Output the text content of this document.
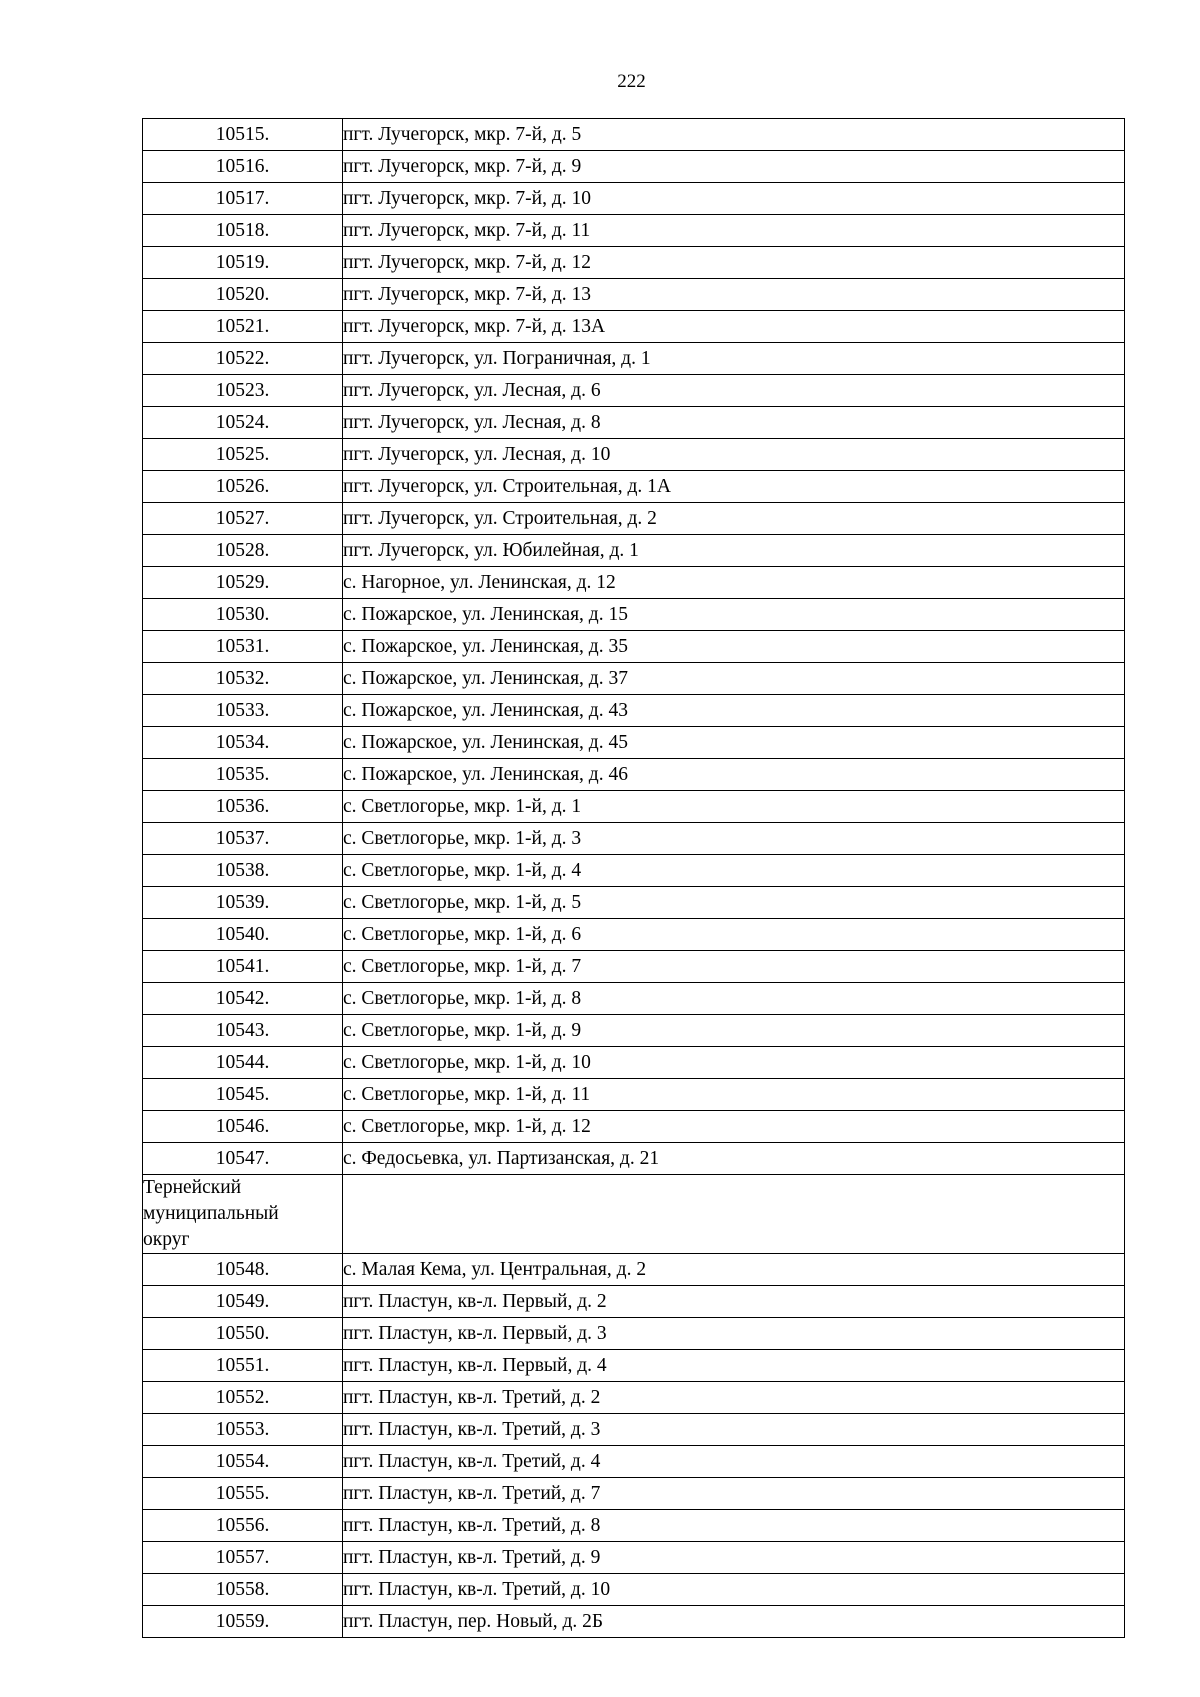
222
10515.	пгт. Лучегорск, мкр. 7-й, д. 5
10516.	пгт. Лучегорск, мкр. 7-й, д. 9
10517.	пгт. Лучегорск, мкр. 7-й, д. 10
10518.	пгт. Лучегорск, мкр. 7-й, д. 11
10519.	пгт. Лучегорск, мкр. 7-й, д. 12
10520.	пгт. Лучегорск, мкр. 7-й, д. 13
10521.	пгт. Лучегорск, мкр. 7-й, д. 13А
10522.	пгт. Лучегорск, ул. Пограничная, д. 1
10523.	пгт. Лучегорск, ул. Лесная, д. 6
10524.	пгт. Лучегорск, ул. Лесная, д. 8
10525.	пгт. Лучегорск, ул. Лесная, д. 10
10526.	пгт. Лучегорск, ул. Строительная, д. 1А
10527.	пгт. Лучегорск, ул. Строительная, д. 2
10528.	пгт. Лучегорск, ул. Юбилейная, д. 1
10529.	с. Нагорное, ул. Ленинская, д. 12
10530.	с. Пожарское, ул. Ленинская, д. 15
10531.	с. Пожарское, ул. Ленинская, д. 35
10532.	с. Пожарское, ул. Ленинская, д. 37
10533.	с. Пожарское, ул. Ленинская, д. 43
10534.	с. Пожарское, ул. Ленинская, д. 45
10535.	с. Пожарское, ул. Ленинская, д. 46
10536.	с. Светлогорье, мкр. 1-й, д. 1
10537.	с. Светлогорье, мкр. 1-й, д. 3
10538.	с. Светлогорье, мкр. 1-й, д. 4
10539.	с. Светлогорье, мкр. 1-й, д. 5
10540.	с. Светлогорье, мкр. 1-й, д. 6
10541.	с. Светлогорье, мкр. 1-й, д. 7
10542.	с. Светлогорье, мкр. 1-й, д. 8
10543.	с. Светлогорье, мкр. 1-й, д. 9
10544.	с. Светлогорье, мкр. 1-й, д. 10
10545.	с. Светлогорье, мкр. 1-й, д. 11
10546.	с. Светлогорье, мкр. 1-й, д. 12
10547.	с. Федосьевка, ул. Партизанская, д. 21
Тернейский
муниципальный
округ	
10548.	с. Малая Кема, ул. Центральная, д. 2
10549.	пгт. Пластун, кв-л. Первый, д. 2
10550.	пгт. Пластун, кв-л. Первый, д. 3
10551.	пгт. Пластун, кв-л. Первый, д. 4
10552.	пгт. Пластун, кв-л. Третий, д. 2
10553.	пгт. Пластун, кв-л. Третий, д. 3
10554.	пгт. Пластун, кв-л. Третий, д. 4
10555.	пгт. Пластун, кв-л. Третий, д. 7
10556.	пгт. Пластун, кв-л. Третий, д. 8
10557.	пгт. Пластун, кв-л. Третий, д. 9
10558.	пгт. Пластун, кв-л. Третий, д. 10
10559.	пгт. Пластун, пер. Новый, д. 2Б
